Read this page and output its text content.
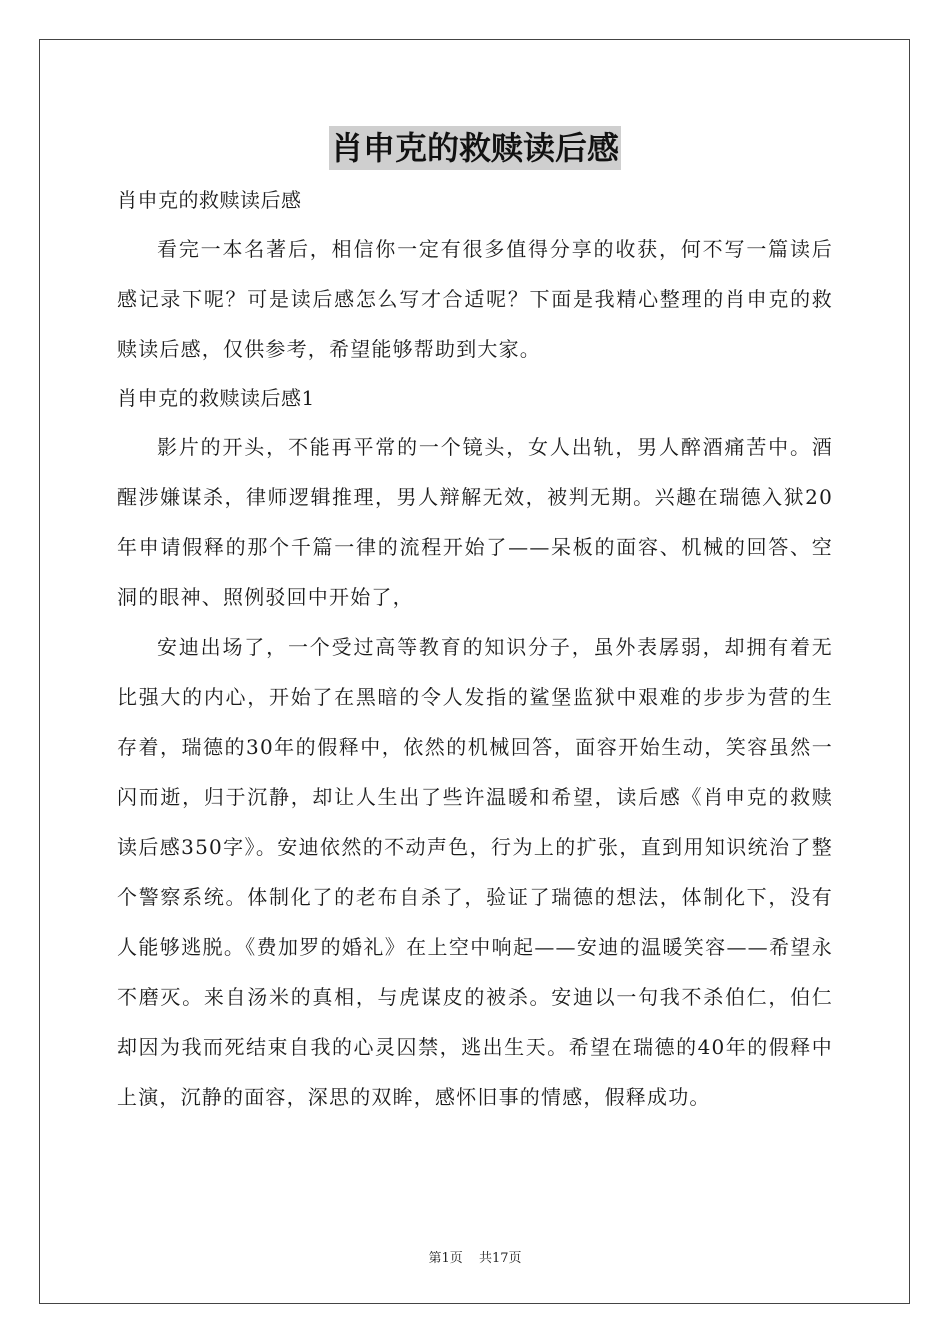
肖申克的救赎读后感
肖申克的救赎读后感

看完一本名著后，相信你一定有很多值得分享的收获，何不写一篇读后感记录下呢？可是读后感怎么写才合适呢？下面是我精心整理的肖申克的救赎读后感，仅供参考，希望能够帮助到大家。

肖申克的救赎读后感1

影片的开头，不能再平常的一个镜头，女人出轨，男人醉酒痛苦中。酒醒涉嫌谋杀，律师逻辑推理，男人辩解无效，被判无期。兴趣在瑞德入狱20年申请假释的那个千篇一律的流程开始了——呆板的面容、机械的回答、空洞的眼神、照例驳回中开始了，

安迪出场了，一个受过高等教育的知识分子，虽外表孱弱，却拥有着无比强大的内心，开始了在黑暗的令人发指的鲨堡监狱中艰难的步步为营的生存着，瑞德的30年的假释中，依然的机械回答，面容开始生动，笑容虽然一闪而逝，归于沉静，却让人生出了些许温暖和希望，读后感《肖申克的救赎读后感350字》。安迪依然的不动声色，行为上的扩张，直到用知识统治了整个警察系统。体制化了的老布自杀了，验证了瑞德的想法，体制化下，没有人能够逃脱。《费加罗的婚礼》在上空中响起——安迪的温暖笑容——希望永不磨灭。来自汤米的真相，与虎谋皮的被杀。安迪以一句我不杀伯仁，伯仁却因为我而死结束自我的心灵囚禁，逃出生天。希望在瑞德的40年的假释中上演，沉静的面容，深思的双眸，感怀旧事的情感，假释成功。

第1页 共17页
